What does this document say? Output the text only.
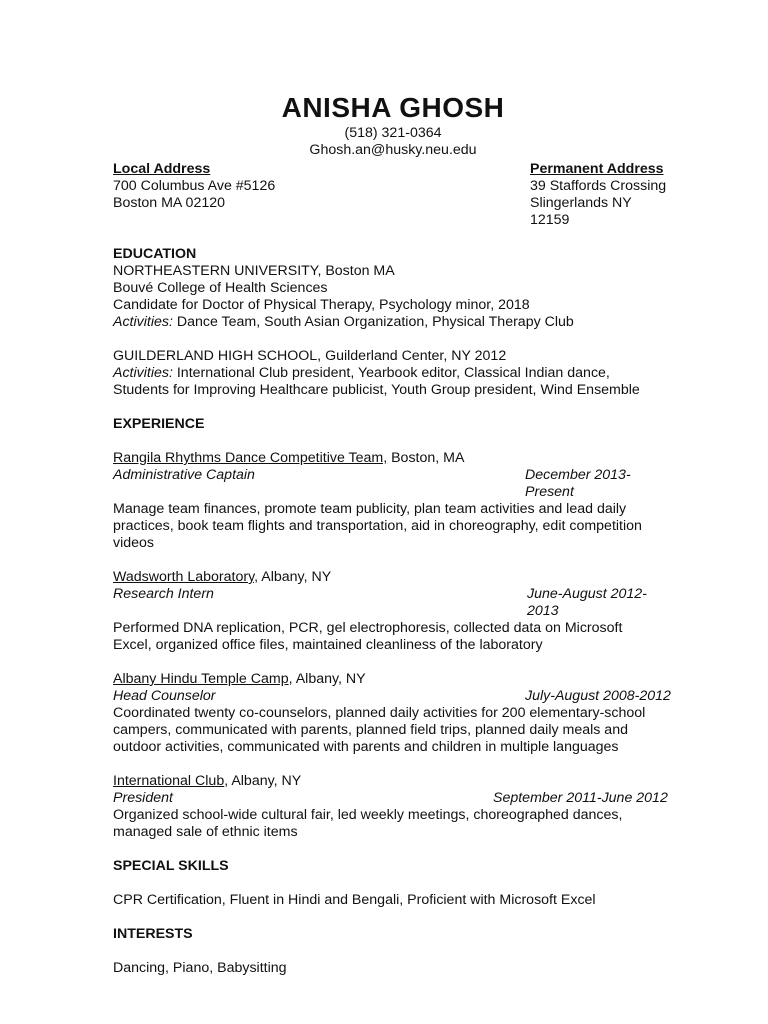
ANISHA GHOSH
(518) 321-0364
Ghosh.an@husky.neu.edu
Local Address
700 Columbus Ave #5126
Boston MA 02120
Permanent Address
39 Staffords Crossing
Slingerlands NY 12159
EDUCATION
NORTHEASTERN UNIVERSITY, Boston MA
Bouvé College of Health Sciences
Candidate for Doctor of Physical Therapy, Psychology minor, 2018
Activities: Dance Team, South Asian Organization, Physical Therapy Club
GUILDERLAND HIGH SCHOOL, Guilderland Center, NY 2012
Activities: International Club president, Yearbook editor, Classical Indian dance,
Students for Improving Healthcare publicist, Youth Group president, Wind Ensemble
EXPERIENCE
Rangila Rhythms Dance Competitive Team, Boston, MA
Administrative Captain	December 2013- Present
Manage team finances, promote team publicity, plan team activities and lead daily
practices, book team flights and transportation, aid in choreography, edit competition
videos
Wadsworth Laboratory, Albany, NY
Research Intern	June-August 2012-2013
Performed DNA replication, PCR, gel electrophoresis, collected data on Microsoft
Excel, organized office files, maintained cleanliness of the laboratory
Albany Hindu Temple Camp, Albany, NY
Head Counselor	July-August 2008-2012
Coordinated twenty co-counselors, planned daily activities for 200 elementary-school
campers, communicated with parents, planned field trips, planned daily meals and
outdoor activities, communicated with parents and children in multiple languages
International Club, Albany, NY
President	September 2011-June 2012
Organized school-wide cultural fair, led weekly meetings, choreographed dances,
managed sale of ethnic items
SPECIAL SKILLS
CPR Certification, Fluent in Hindi and Bengali, Proficient with Microsoft Excel
INTERESTS
Dancing, Piano, Babysitting
